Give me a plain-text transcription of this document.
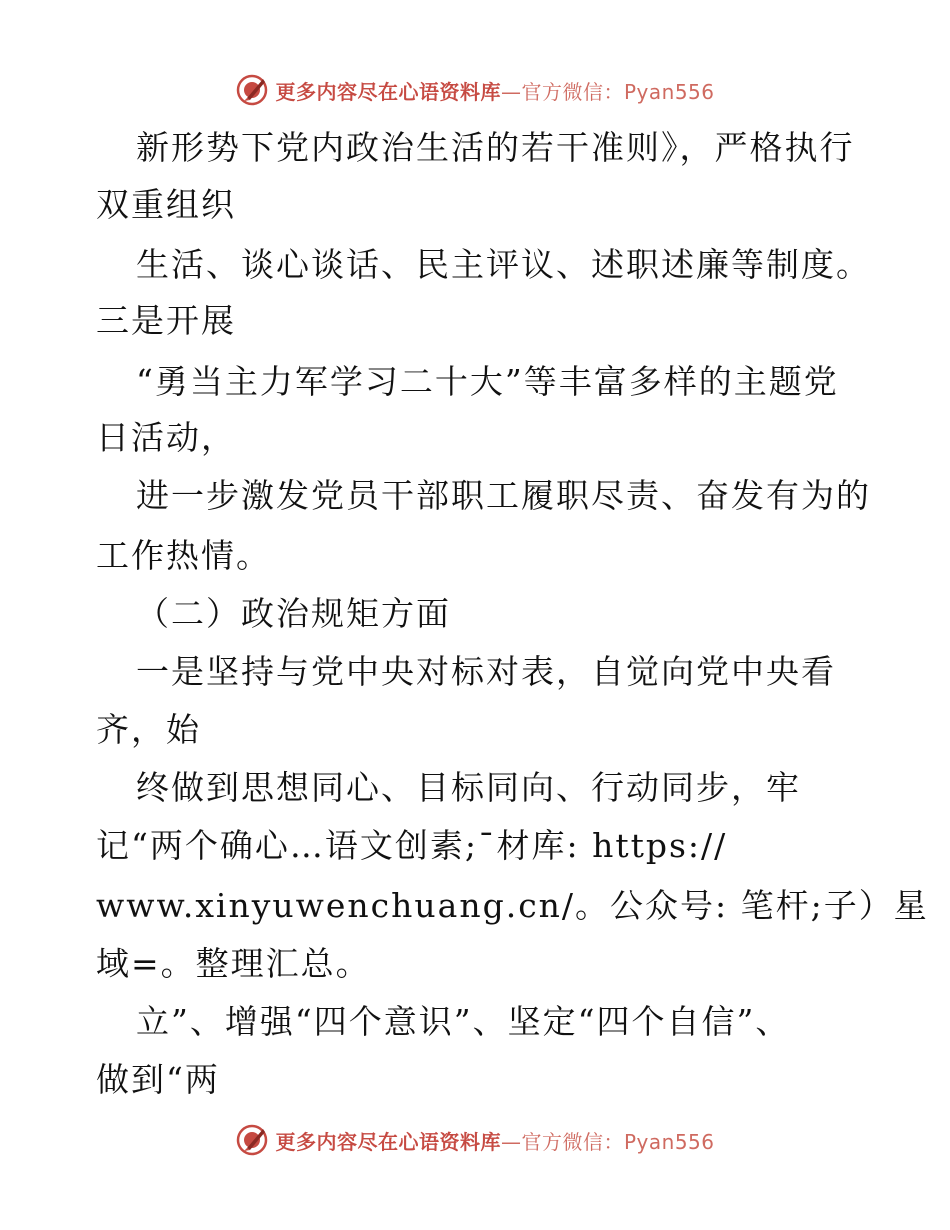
更多内容尽在心语资料库—官方微信：Pyan556
新形势下党内政治生活的若干准则》，严格执行
双重组织
生活、谈心谈话、民主评议、述职述廉等制度。
三是开展
“勇当主力军学习二十大”等丰富多样的主题党
日活动，
进一步激发党员干部职工履职尽责、奋发有为的
工作热情。
（二）政治规矩方面
一是坚持与党中央对标对表，自觉向党中央看
齐，始
终做到思想同心、目标同向、行动同步，牢
记“两个确心…语文创素;¯材库: https://
www.xinyuwenchuang.cn/。公众号: 笔杆;子）星
域=。整理汇总。
立”、增强“四个意识”、坚定“四个自信”、
做到“两
更多内容尽在心语资料库—官方微信：Pyan556
